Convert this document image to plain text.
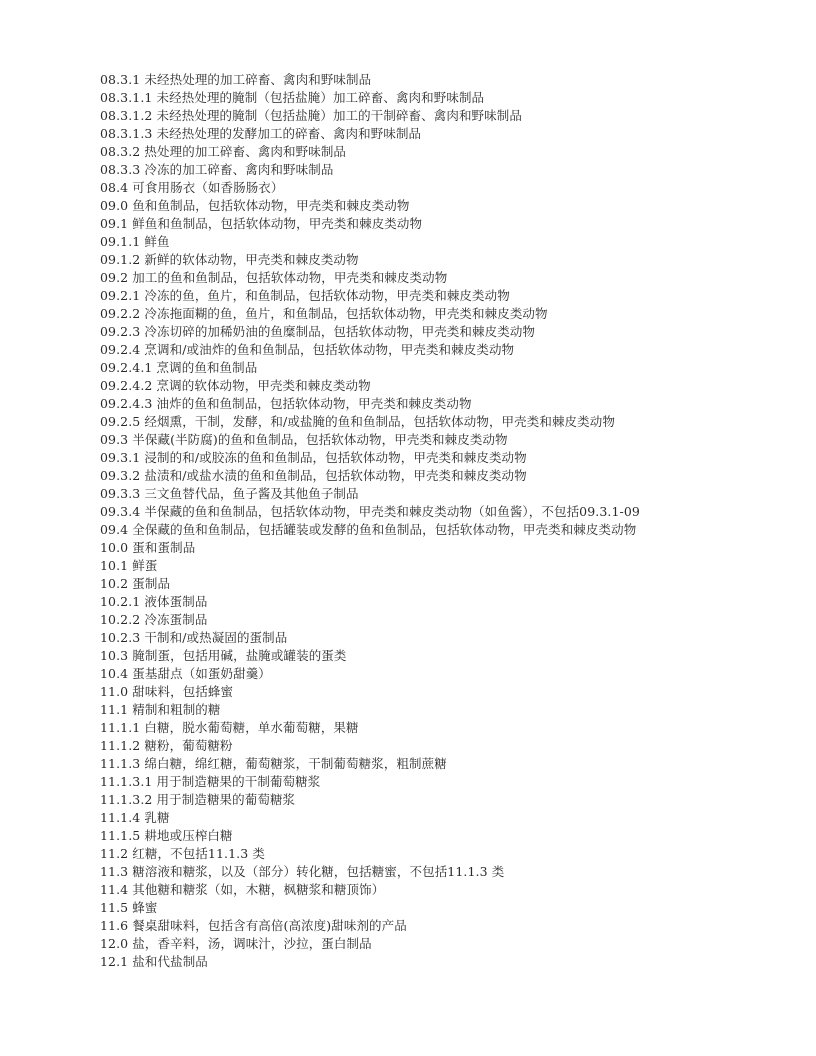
08.3.1 未经热处理的加工碎畜、禽肉和野味制品
08.3.1.1 未经热处理的腌制（包括盐腌）加工碎畜、禽肉和野味制品
08.3.1.2 未经热处理的腌制（包括盐腌）加工的干制碎畜、禽肉和野味制品
08.3.1.3 未经热处理的发酵加工的碎畜、禽肉和野味制品
08.3.2 热处理的加工碎畜、禽肉和野味制品
08.3.3 冷冻的加工碎畜、禽肉和野味制品
08.4 可食用肠衣（如香肠肠衣）
09.0 鱼和鱼制品，包括软体动物，甲壳类和棘皮类动物
09.1 鲜鱼和鱼制品，包括软体动物，甲壳类和棘皮类动物
09.1.1 鲜鱼
09.1.2 新鲜的软体动物，甲壳类和棘皮类动物
09.2 加工的鱼和鱼制品，包括软体动物，甲壳类和棘皮类动物
09.2.1 冷冻的鱼，鱼片，和鱼制品，包括软体动物，甲壳类和棘皮类动物
09.2.2 冷冻拖面糊的鱼，鱼片，和鱼制品，包括软体动物，甲壳类和棘皮类动物
09.2.3 冷冻切碎的加稀奶油的鱼糜制品，包括软体动物，甲壳类和棘皮类动物
09.2.4 烹调和/或油炸的鱼和鱼制品，包括软体动物，甲壳类和棘皮类动物
09.2.4.1 烹调的鱼和鱼制品
09.2.4.2 烹调的软体动物，甲壳类和棘皮类动物
09.2.4.3 油炸的鱼和鱼制品，包括软体动物，甲壳类和棘皮类动物
09.2.5 经烟熏，干制，发酵，和/或盐腌的鱼和鱼制品，包括软体动物，甲壳类和棘皮类动物
09.3 半保藏(半防腐)的鱼和鱼制品，包括软体动物，甲壳类和棘皮类动物
09.3.1 浸制的和/或胶冻的鱼和鱼制品，包括软体动物，甲壳类和棘皮类动物
09.3.2 盐渍和/或盐水渍的鱼和鱼制品，包括软体动物，甲壳类和棘皮类动物
09.3.3 三文鱼替代品，鱼子酱及其他鱼子制品
09.3.4 半保藏的鱼和鱼制品，包括软体动物，甲壳类和棘皮类动物（如鱼酱），不包括09.3.1-09
09.4 全保藏的鱼和鱼制品，包括罐装或发酵的鱼和鱼制品，包括软体动物，甲壳类和棘皮类动物
10.0 蛋和蛋制品
10.1 鲜蛋
10.2 蛋制品
10.2.1 液体蛋制品
10.2.2 冷冻蛋制品
10.2.3 干制和/或热凝固的蛋制品
10.3 腌制蛋，包括用碱，盐腌或罐装的蛋类
10.4 蛋基甜点（如蛋奶甜羹）
11.0 甜味料，包括蜂蜜
11.1 精制和粗制的糖
11.1.1 白糖，脱水葡萄糖，单水葡萄糖，果糖
11.1.2 糖粉，葡萄糖粉
11.1.3 绵白糖，绵红糖，葡萄糖浆，干制葡萄糖浆，粗制蔗糖
11.1.3.1 用于制造糖果的干制葡萄糖浆
11.1.3.2 用于制造糖果的葡萄糖浆
11.1.4 乳糖
11.1.5 耕地或压榨白糖
11.2 红糖，不包括11.1.3 类
11.3 糖溶液和糖浆，以及（部分）转化糖，包括糖蜜，不包括11.1.3 类
11.4 其他糖和糖浆（如，木糖，枫糖浆和糖顶饰）
11.5 蜂蜜
11.6 餐桌甜味料，包括含有高倍(高浓度)甜味剂的产品
12.0 盐，香辛料，汤，调味汁，沙拉，蛋白制品
12.1 盐和代盐制品
